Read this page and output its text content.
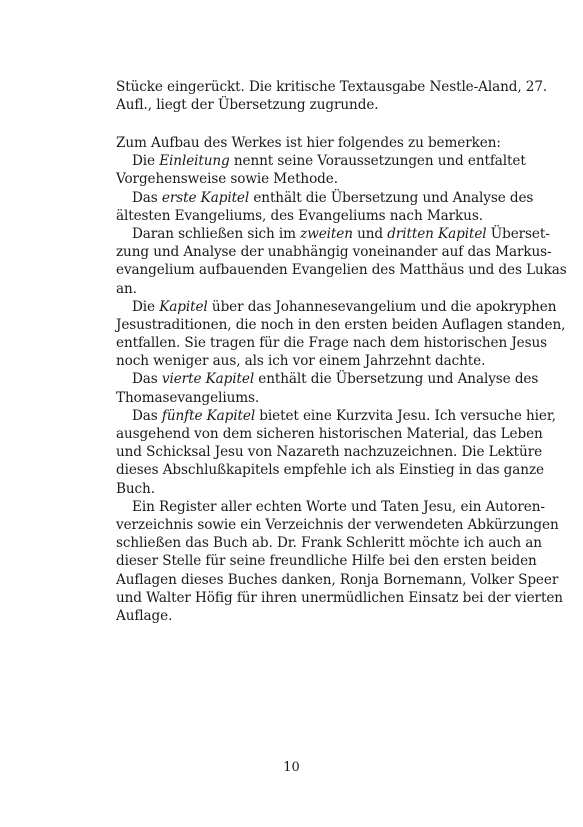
Stücke eingerückt. Die kritische Textausgabe Nestle-Aland, 27.
Aufl., liegt der Übersetzung zugrunde.
Zum Aufbau des Werkes ist hier folgendes zu bemerken:
Die Einleitung nennt seine Voraussetzungen und entfaltet
Vorgehensweise sowie Methode.
Das erste Kapitel enthält die Übersetzung und Analyse des
ältesten Evangeliums, des Evangeliums nach Markus.
Daran schließen sich im zweiten und dritten Kapitel Überset-
zung und Analyse der unabhängig voneinander auf das Markus-
evangelium aufbauenden Evangelien des Matthäus und des Lukas
an.
Die Kapitel über das Johannesevangelium und die apokryphen
Jesustraditionen, die noch in den ersten beiden Auflagen standen,
entfallen. Sie tragen für die Frage nach dem historischen Jesus
noch weniger aus, als ich vor einem Jahrzehnt dachte.
Das vierte Kapitel enthält die Übersetzung und Analyse des
Thomasevangeliums.
Das fünfte Kapitel bietet eine Kurzvita Jesu. Ich versuche hier,
ausgehend von dem sicheren historischen Material, das Leben
und Schicksal Jesu von Nazareth nachzuzeichnen. Die Lektüre
dieses Abschlußkapitels empfehle ich als Einstieg in das ganze
Buch.
Ein Register aller echten Worte und Taten Jesu, ein Autoren-
verzeichnis sowie ein Verzeichnis der verwendeten Abkürzungen
schließen das Buch ab. Dr. Frank Schleritt möchte ich auch an
dieser Stelle für seine freundliche Hilfe bei den ersten beiden
Auflagen dieses Buches danken, Ronja Bornemann, Volker Speer
und Walter Höfig für ihren unermüdlichen Einsatz bei der vierten
Auflage.
10
